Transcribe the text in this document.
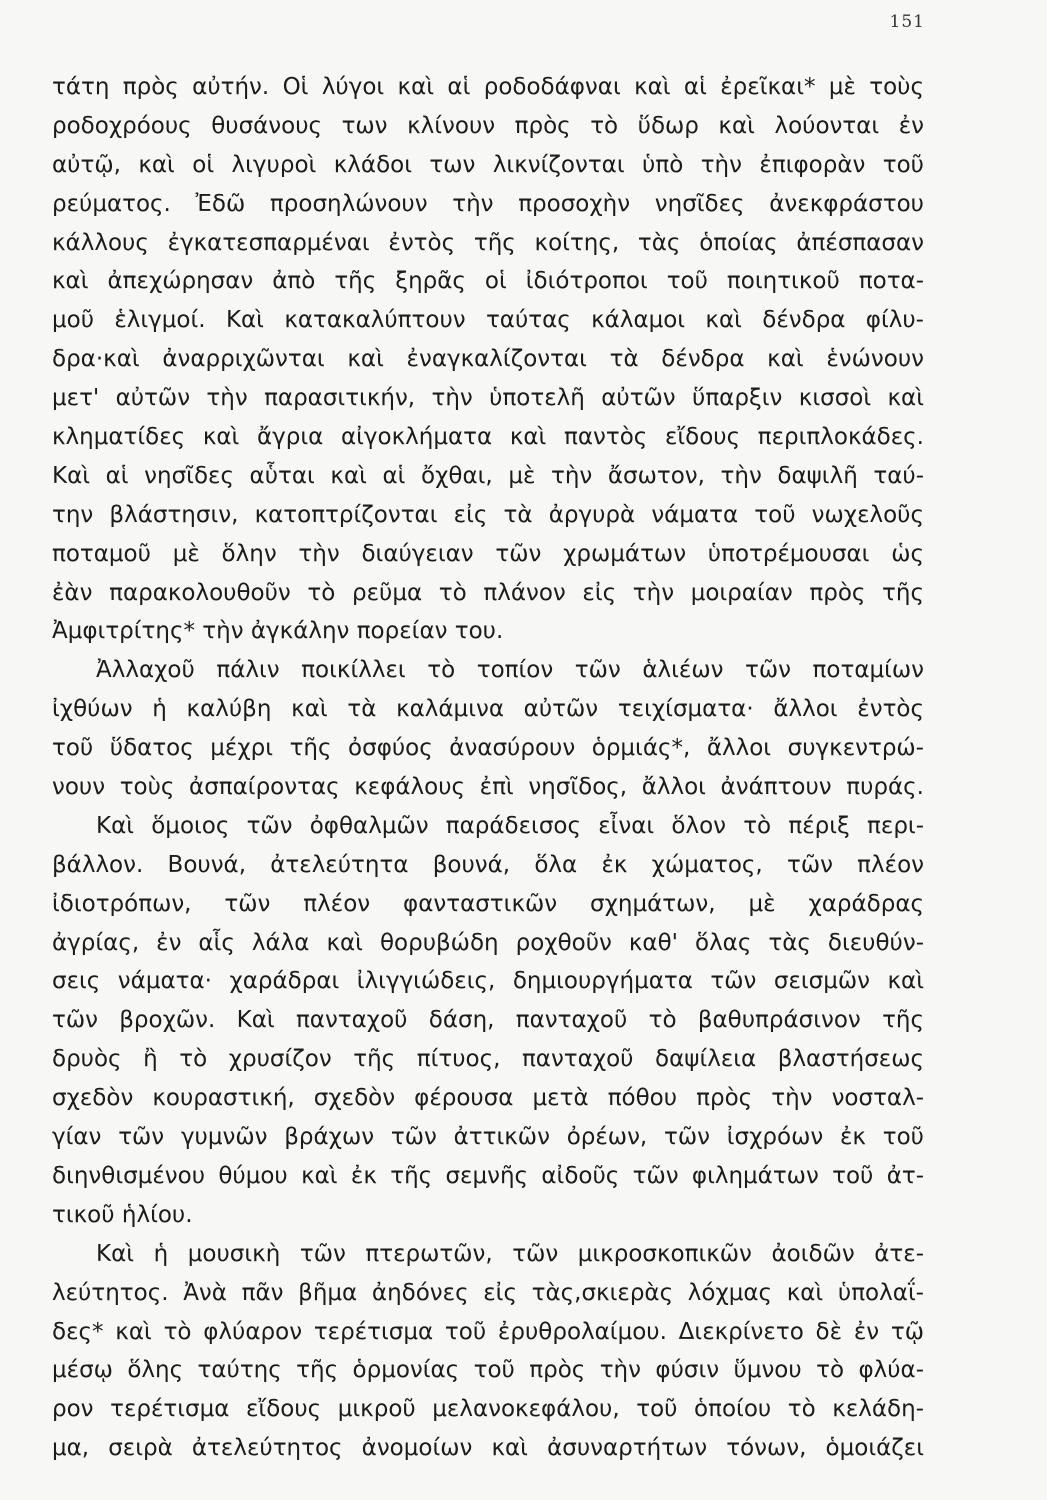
151
τάτη πρὸς αὐτήν. Οἱ λύγοι καὶ αἱ ροδοδάφναι καὶ αἱ ἐρεῖκαι* μὲ τοὺς
ροδοχρόους θυσάνους των κλίνουν πρὸς τὸ ὕδωρ καὶ λούονται ἐν
αὐτῷ, καὶ οἱ λιγυροὶ κλάδοι των λικνίζονται ὑπὸ τὴν ἐπιφορὰν τοῦ
ρεύματος. Ἐδῶ προσηλώνουν τὴν προσοχὴν νησῖδες ἀνεκφράστου
κάλλους ἐγκατεσπαρμέναι ἐντὸς τῆς κοίτης, τὰς ὁποίας ἀπέσπασαν
καὶ ἀπεχώρησαν ἀπὸ τῆς ξηρᾶς οἱ ἰδιότροποι τοῦ ποιητικοῦ ποτα-
μοῦ ἑλιγμοί. Καὶ κατακαλύπτουν ταύτας κάλαμοι καὶ δένδρα φίλυ-
δρα·καὶ ἀναρριχῶνται καὶ ἐναγκαλίζονται τὰ δένδρα καὶ ἑνώνουν
μετ' αὐτῶν τὴν παρασιτικήν, τὴν ὑποτελῆ αὐτῶν ὕπαρξιν κισσοὶ καὶ
κληματίδες καὶ ἄγρια αἰγοκλήματα καὶ παντὸς εἴδους περιπλοκάδες.
Καὶ αἱ νησῖδες αὗται καὶ αἱ ὄχθαι, μὲ τὴν ἄσωτον, τὴν δαψιλῆ ταύ-
την βλάστησιν, κατοπτρίζονται εἰς τὰ ἀργυρὰ νάματα τοῦ νωχελοῦς
ποταμοῦ μὲ ὅλην τὴν διαύγειαν τῶν χρωμάτων ὑποτρέμουσαι ὡς
ἐὰν παρακολουθοῦν τὸ ρεῦμα τὸ πλάνον εἰς τὴν μοιραίαν πρὸς τῆς
Ἀμφιτρίτης* τὴν ἀγκάλην πορείαν του.
Ἀλλαχοῦ πάλιν ποικίλλει τὸ τοπίον τῶν ἁλιέων τῶν ποταμίων
ἰχθύων ἡ καλύβη καὶ τὰ καλάμινα αὐτῶν τειχίσματα· ἄλλοι ἐντὸς
τοῦ ὕδατος μέχρι τῆς ὀσφύος ἀνασύρουν ὁρμιάς*, ἄλλοι συγκεντρώ-
νουν τοὺς ἀσπαίροντας κεφάλους ἐπὶ νησῖδος, ἄλλοι ἀνάπτουν πυράς.
Καὶ ὅμοιος τῶν ὀφθαλμῶν παράδεισος εἶναι ὅλον τὸ πέριξ περι-
βάλλον. Βουνά, ἀτελεύτητα βουνά, ὅλα ἐκ χώματος, τῶν πλέον
ἰδιοτρόπων, τῶν πλέον φανταστικῶν σχημάτων, μὲ χαράδρας
ἀγρίας, ἐν αἷς λάλα καὶ θορυβώδη ροχθοῦν καθ' ὅλας τὰς διευθύν-
σεις νάματα· χαράδραι ἰλιγγιώδεις, δημιουργήματα τῶν σεισμῶν καὶ
τῶν βροχῶν. Καὶ πανταχοῦ δάση, πανταχοῦ τὸ βαθυπράσινον τῆς
δρυὸς ἢ τὸ χρυσίζον τῆς πίτυος, πανταχοῦ δαψίλεια βλαστήσεως
σχεδὸν κουραστική, σχεδὸν φέρουσα μετὰ πόθου πρὸς τὴν νοσταλ-
γίαν τῶν γυμνῶν βράχων τῶν ἀττικῶν ὀρέων, τῶν ἰσχρόων ἐκ τοῦ
διηνθισμένου θύμου καὶ ἐκ τῆς σεμνῆς αἰδοῦς τῶν φιλημάτων τοῦ ἀτ-
τικοῦ ἡλίου.
Καὶ ἡ μουσικὴ τῶν πτερωτῶν, τῶν μικροσκοπικῶν ἀοιδῶν ἀτε-
λεύτητος. Ἀνὰ πᾶν βῆμα ἀηδόνες εἰς τὰς,σκιερὰς λόχμας καὶ ὑπολαΐ-
δες* καὶ τὸ φλύαρον τερέτισμα τοῦ ἐρυθρολαίμου. Διεκρίνετο δὲ ἐν τῷ
μέσῳ ὅλης ταύτης τῆς ὁρμονίας τοῦ πρὸς τὴν φύσιν ὕμνου τὸ φλύα-
ρον τερέτισμα εἴδους μικροῦ μελανοκεφάλου, τοῦ ὁποίου τὸ κελάδη-
μα, σειρὰ ἀτελεύτητος ἀνομοίων καὶ ἀσυναρτήτων τόνων, ὁμοιάζει
